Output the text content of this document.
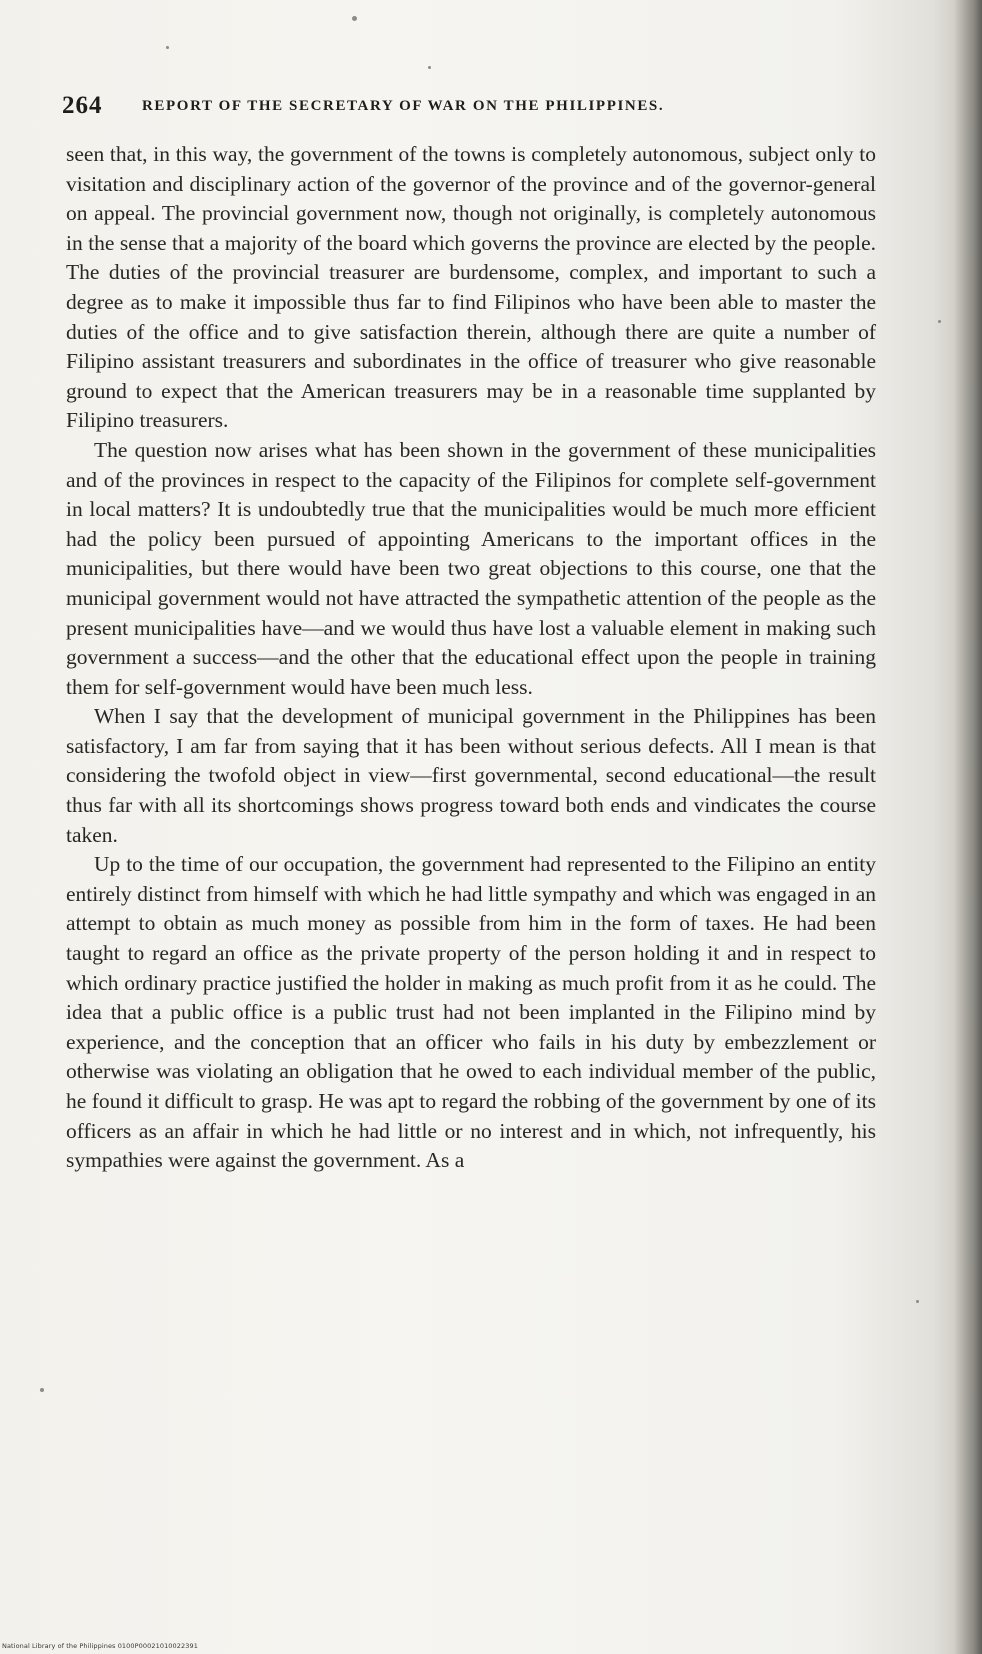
264	REPORT OF THE SECRETARY OF WAR ON THE PHILIPPINES.

seen that, in this way, the government of the towns is completely autonomous, subject only to visitation and disciplinary action of the governor of the province and of the governor-general on appeal. The provincial government now, though not originally, is completely autonomous in the sense that a majority of the board which governs the province are elected by the people. The duties of the provincial treasurer are burdensome, complex, and important to such a degree as to make it impossible thus far to find Filipinos who have been able to master the duties of the office and to give satisfaction therein, although there are quite a number of Filipino assistant treasurers and subordinates in the office of treasurer who give reasonable ground to expect that the American treasurers may be in a reasonable time supplanted by Filipino treasurers.

The question now arises what has been shown in the government of these municipalities and of the provinces in respect to the capacity of the Filipinos for complete self-government in local matters? It is undoubtedly true that the municipalities would be much more efficient had the policy been pursued of appointing Americans to the important offices in the municipalities, but there would have been two great objections to this course, one that the municipal government would not have attracted the sympathetic attention of the people as the present municipalities have—and we would thus have lost a valuable element in making such government a success—and the other that the educational effect upon the people in training them for self-government would have been much less.

When I say that the development of municipal government in the Philippines has been satisfactory, I am far from saying that it has been without serious defects. All I mean is that considering the twofold object in view—first governmental, second educational—the result thus far with all its shortcomings shows progress toward both ends and vindicates the course taken.

Up to the time of our occupation, the government had represented to the Filipino an entity entirely distinct from himself with which he had little sympathy and which was engaged in an attempt to obtain as much money as possible from him in the form of taxes. He had been taught to regard an office as the private property of the person holding it and in respect to which ordinary practice justified the holder in making as much profit from it as he could. The idea that a public office is a public trust had not been implanted in the Filipino mind by experience, and the conception that an officer who fails in his duty by embezzlement or otherwise was violating an obligation that he owed to each individual member of the public, he found it difficult to grasp. He was apt to regard the robbing of the government by one of its officers as an affair in which he had little or no interest and in which, not infrequently, his sympathies were against the government. As a

National Library of the Philippines 0100P00021010022391
